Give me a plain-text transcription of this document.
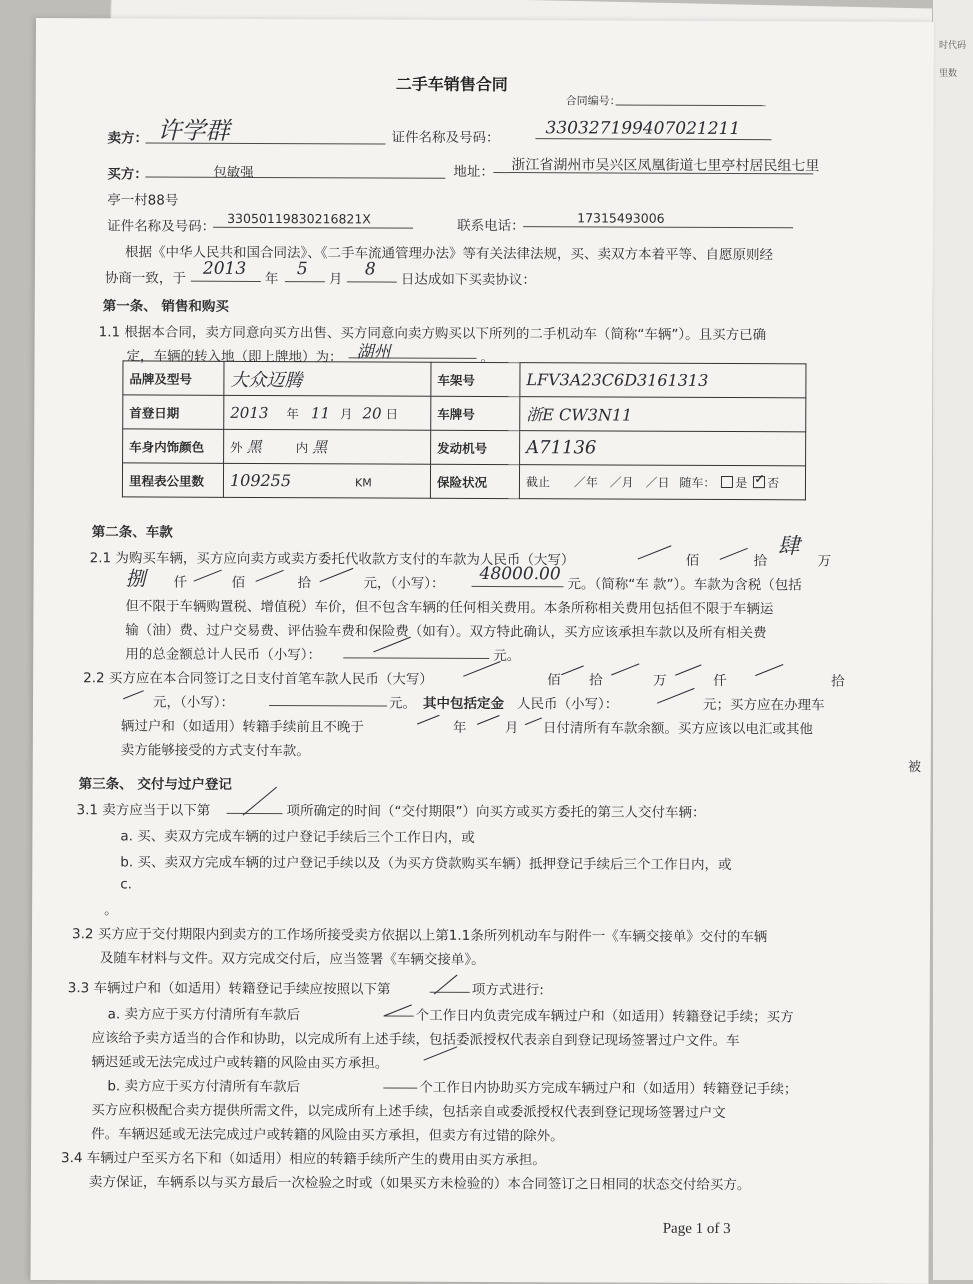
时代码
里数
二手车销售合同
合同编号：
卖方： 许学群	证件名称及号码：	330327199407021211
买方：	包敏强	地址： 浙江省湖州市吴兴区凤凰街道七里亭村居民组七里
亭一村88号
证件名称及号码： 33050119830216821X	联系电话：	17315493006
根据《中华人民共和国合同法》、《二手车流通管理办法》等有关法律法规，买、卖双方本着平等、自愿原则经
协商一致，于 2013
年 5
月 8
日达成如下买卖协议：
第一条、 销售和购买
1.1 根据本合同，卖方同意向买方出售、买方同意向卖方购买以下所列的二手机动车（简称“车辆”）。且买方已确
定，车辆的转入地（即上牌地）为： 湖州	。
品牌及型号	大众迈腾	车架号	LFV3A23C6D3161313
首登日期	2013 年 11 月 20 日	车牌号	浙E CW3N11
车身内饰颜色	外 黑 内 黑	发动机号	A71136
里程表公里数	109255 KM	保险状况	截止 ／年 ／月 ／日 随车： 是 ✓ 否
第二条、车款
2.1 为购买车辆，买方应向卖方或卖方委托代收款方支付的车款为人民币（大写）	佰	拾
肆
万
捌 仟	佰	拾	元，（小写）： 48000.00
元。（简称“车 款”）。车款为含税（包括
但不限于车辆购置税、增值税）车价，但不包含车辆的任何相关费用。本条所称相关费用包括但不限于车辆运
输（油）费、过户交易费、评估验车费和保险费（如有）。双方特此确认，买方应该承担车款以及所有相关费
用的总金额总计人民币（小写）：	元。
2.2 买方应在本合同签订之日支付首笔车款人民币（大写）	佰 拾	万	仟	拾
元，（小写）：	元。 其中包括定金 人民币（小写）：	元；买方应在办理车
辆过户和（如适用）转籍手续前且不晚于	年	月 日付清所有车款余额。买方应该以电汇或其他
卖方能够接受的方式支付车款。
第三条、 交付与过户登记
3.1 卖方应当于以下第	项所确定的时间（“交付期限”）向买方或买方委托的第三人交付车辆：
a. 买、卖双方完成车辆的过户登记手续后三个工作日内，或
b. 买、卖双方完成车辆的过户登记手续以及（为买方贷款购买车辆）抵押登记手续后三个工作日内，或
c.
。
3.2 买方应于交付期限内到卖方的工作场所接受卖方依据以上第1.1条所列机动车与附件一《车辆交接单》交付的车辆
及随车材料与文件。双方完成交付后，应当签署《车辆交接单》。
3.3 车辆过户和（如适用）转籍登记手续应按照以下第	项方式进行:
a. 卖方应于买方付清所有车款后	个工作日内负责完成车辆过户和（如适用）转籍登记手续；买方
应该给予卖方适当的合作和协助，以完成所有上述手续，包括委派授权代表亲自到登记现场签署过户文件。车
辆迟延或无法完成过户或转籍的风险由买方承担。
b. 卖方应于买方付清所有车款后	个工作日内协助买方完成车辆过户和（如适用）转籍登记手续；
买方应积极配合卖方提供所需文件，以完成所有上述手续，包括亲自或委派授权代表到登记现场签署过户文
件。车辆迟延或无法完成过户或转籍的风险由买方承担，但卖方有过错的除外。
3.4 车辆过户至买方名下和（如适用）相应的转籍手续所产生的费用由买方承担。
卖方保证，车辆系以与买方最后一次检验之时或（如果买方未检验的）本合同签订之日相同的状态交付给买方。
Page 1 of 3
被
